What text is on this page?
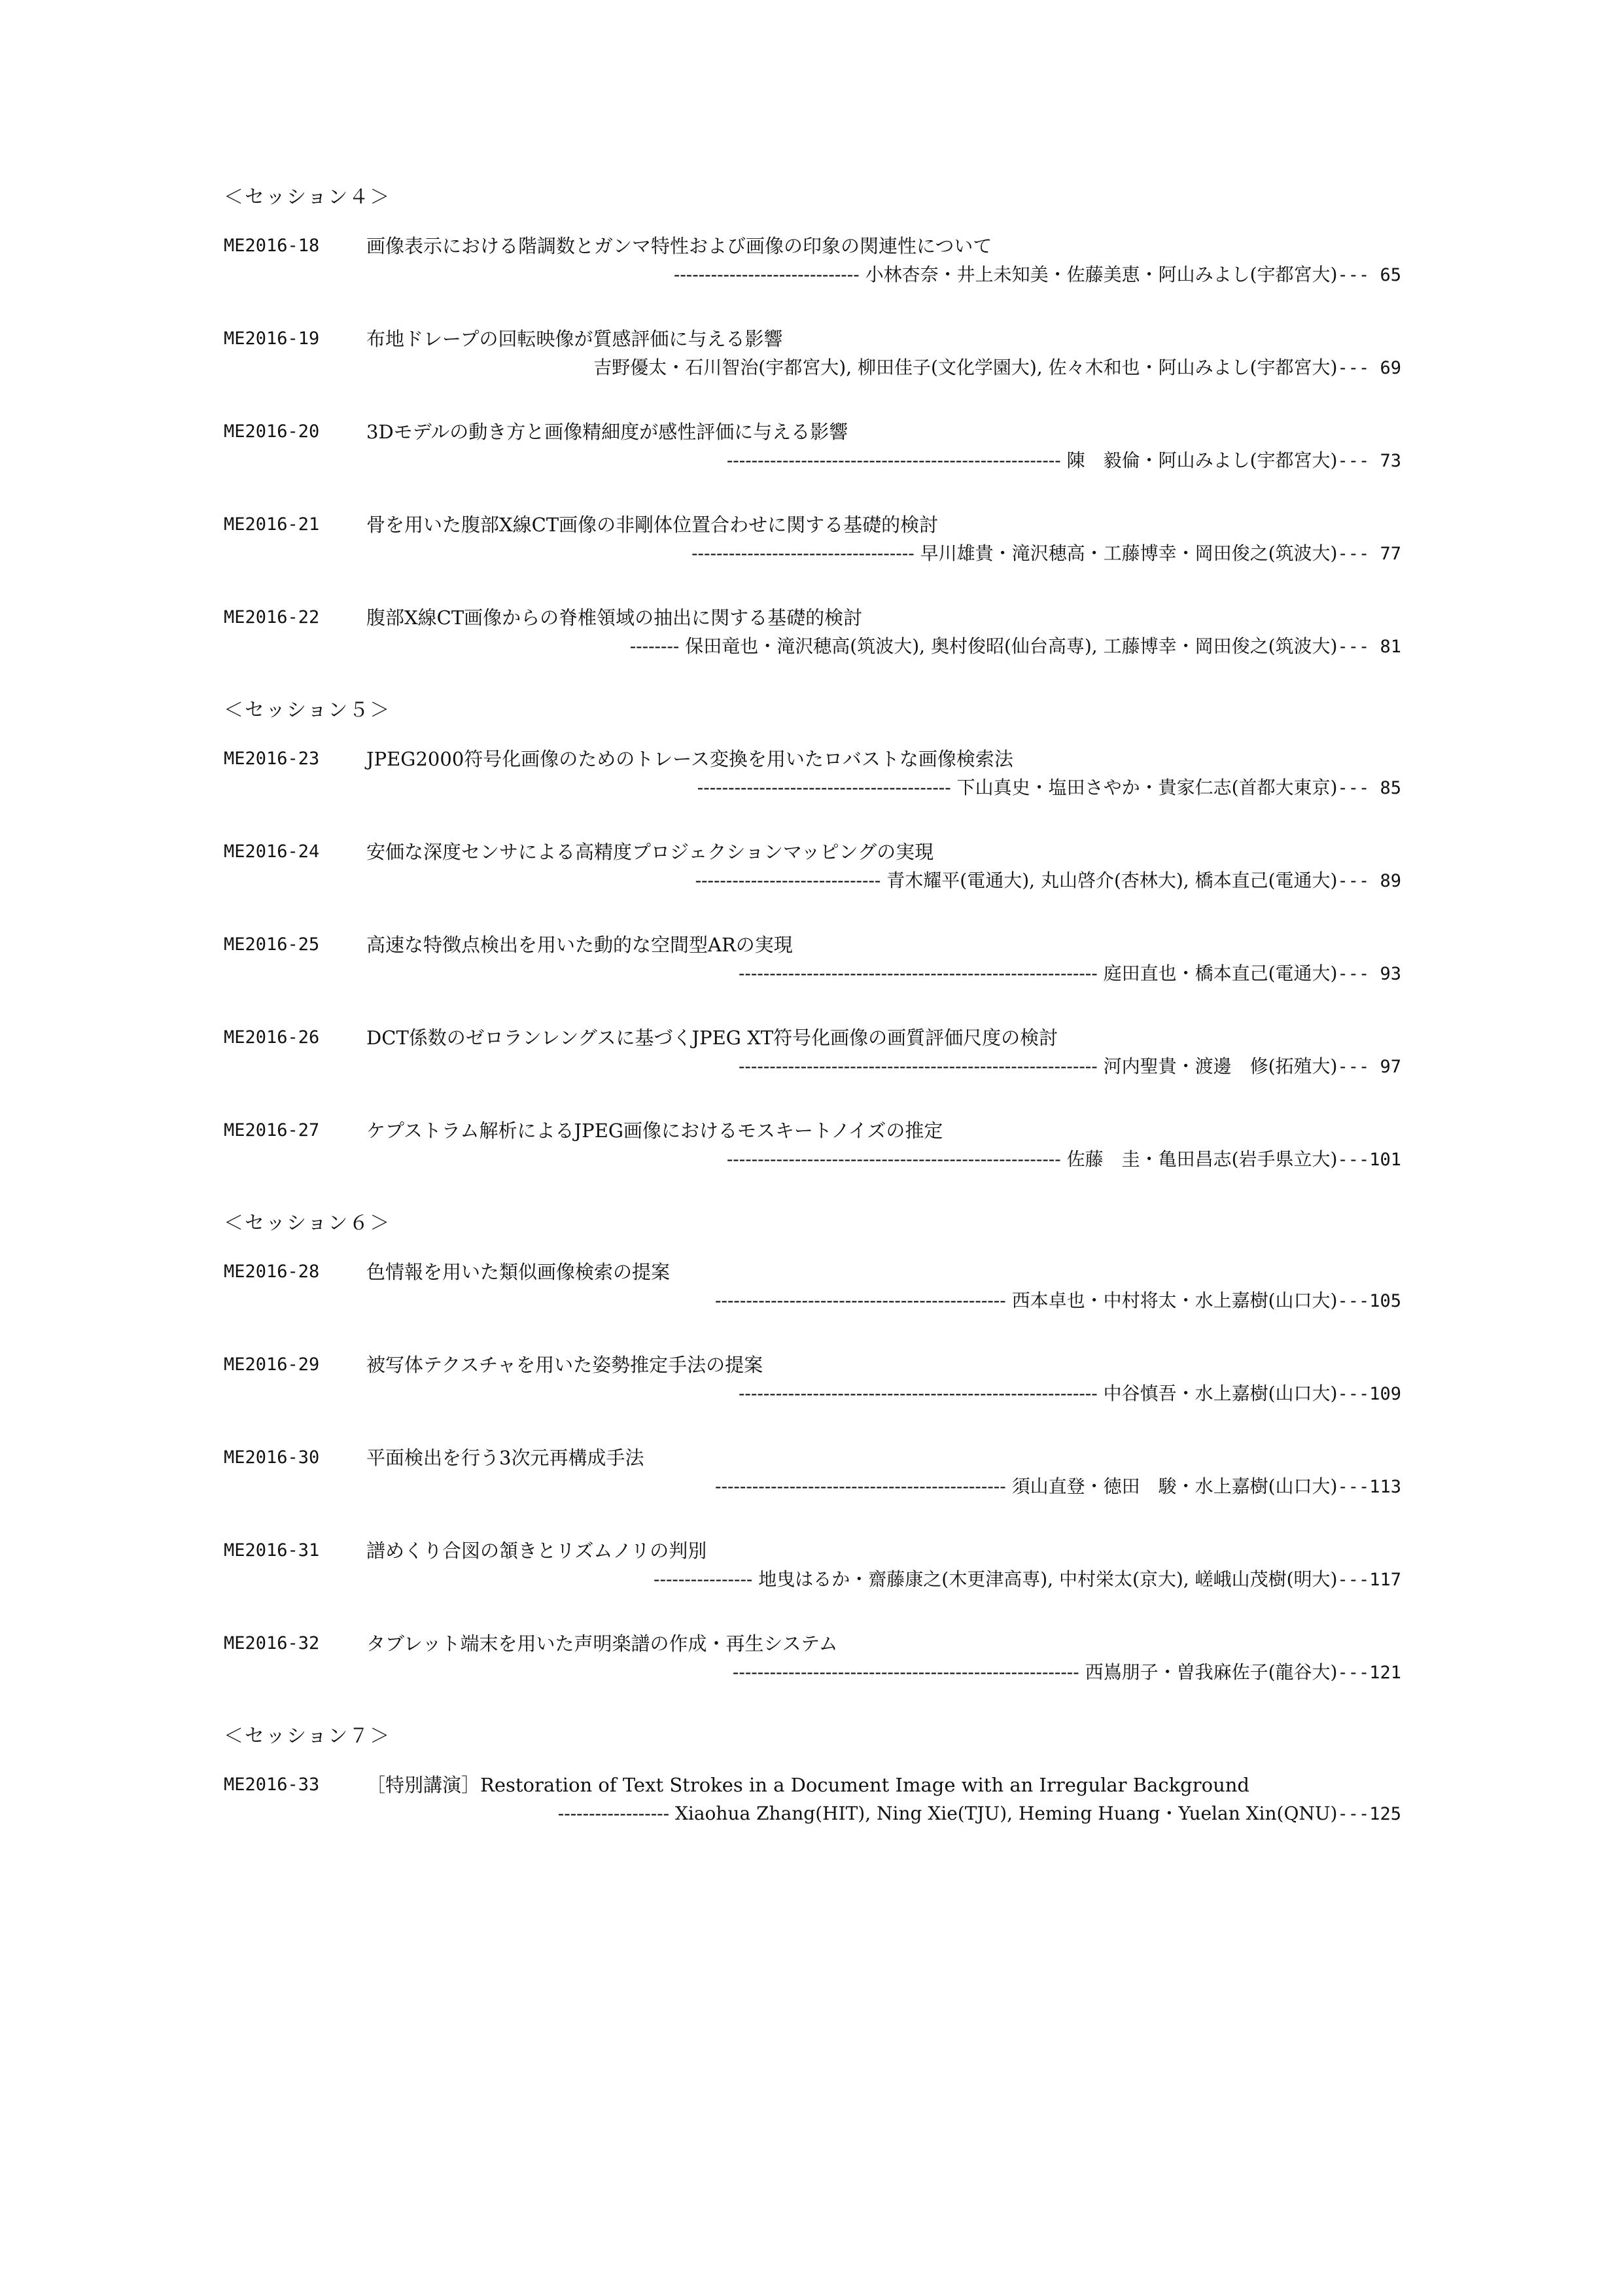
＜セッション４＞
ME2016-18 画像表示における階調数とガンマ特性および画像の印象の関連性について
------------------------------ 小林杏奈・井上未知美・佐藤美恵・阿山みよし(宇都宮大)--- 65
ME2016-19 布地ドレープの回転映像が質感評価に与える影響
吉野優太・石川智治(宇都宮大), 柳田佳子(文化学園大), 佐々木和也・阿山みよし(宇都宮大)--- 69
ME2016-20 3Dモデルの動き方と画像精細度が感性評価に与える影響
------------------------------------------------------ 陳　毅倫・阿山みよし(宇都宮大)--- 73
ME2016-21 骨を用いた腹部X線CT画像の非剛体位置合わせに関する基礎的検討
------------------------------------ 早川雄貴・滝沢穂高・工藤博幸・岡田俊之(筑波大)--- 77
ME2016-22 腹部X線CT画像からの脊椎領域の抽出に関する基礎的検討
-------- 保田竜也・滝沢穂高(筑波大), 奥村俊昭(仙台高専), 工藤博幸・岡田俊之(筑波大)--- 81
＜セッション５＞
ME2016-23 JPEG2000符号化画像のためのトレース変換を用いたロバストな画像検索法
----------------------------------------- 下山真史・塩田さやか・貴家仁志(首都大東京)--- 85
ME2016-24 安価な深度センサによる高精度プロジェクションマッピングの実現
------------------------------ 青木耀平(電通大), 丸山啓介(杏林大), 橋本直己(電通大)--- 89
ME2016-25 高速な特徴点検出を用いた動的な空間型ARの実現
---------------------------------------------------------- 庭田直也・橋本直己(電通大)--- 93
ME2016-26 DCT係数のゼロランレングスに基づくJPEG XT符号化画像の画質評価尺度の検討
---------------------------------------------------------- 河内聖貴・渡邊　修(拓殖大)--- 97
ME2016-27 ケプストラム解析によるJPEG画像におけるモスキートノイズの推定
------------------------------------------------------ 佐藤　圭・亀田昌志(岩手県立大)---101
＜セッション６＞
ME2016-28 色情報を用いた類似画像検索の提案
----------------------------------------------- 西本卓也・中村将太・水上嘉樹(山口大)---105
ME2016-29 被写体テクスチャを用いた姿勢推定手法の提案
---------------------------------------------------------- 中谷慎吾・水上嘉樹(山口大)---109
ME2016-30 平面検出を行う3次元再構成手法
----------------------------------------------- 須山直登・徳田　駿・水上嘉樹(山口大)---113
ME2016-31 譜めくり合図の頷きとリズムノリの判別
---------------- 地曳はるか・齋藤康之(木更津高専), 中村栄太(京大), 嵯峨山茂樹(明大)---117
ME2016-32 タブレット端末を用いた声明楽譜の作成・再生システム
-------------------------------------------------------- 西嶌朋子・曽我麻佐子(龍谷大)---121
＜セッション７＞
ME2016-33 ［特別講演］Restoration of Text Strokes in a Document Image with an Irregular Background
------------------ Xiaohua Zhang(HIT), Ning Xie(TJU), Heming Huang・Yuelan Xin(QNU)---125
